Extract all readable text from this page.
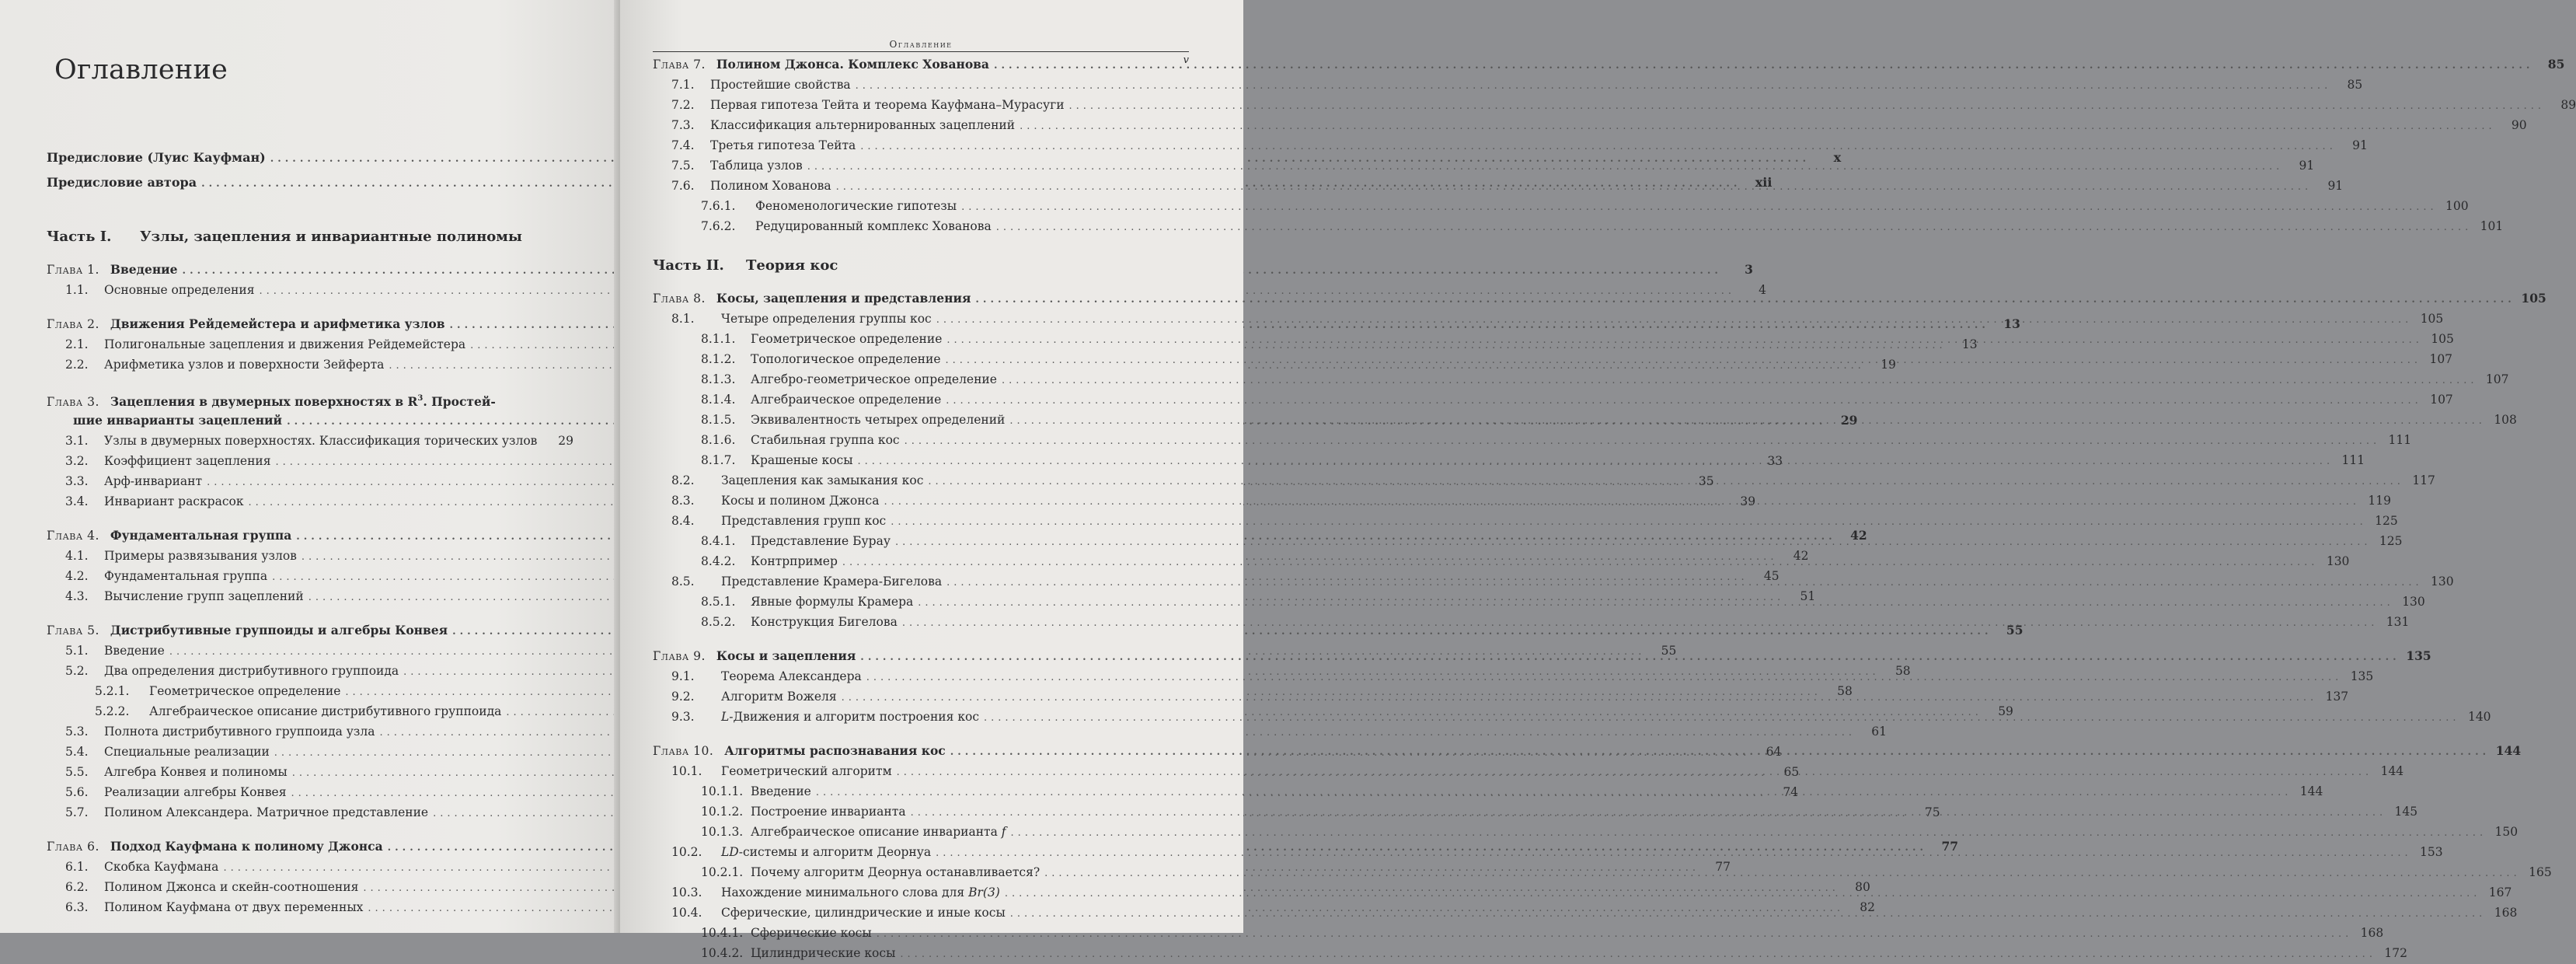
Оглавление
Предисловие (Луис Кауфман) .....	x
Предисловие автора .....	xii
Часть I.	Узлы, зацепления и инвариантные полиномы
Глава 1. Введение .....	3
1.1.	Основные определения .....	4
Глава 2. Движения Рейдемейстера и арифметика узлов .....	13
2.1.	Полигональные зацепления и движения Рейдемейстера .....	13
2.2.	Арифметика узлов и поверхности Зейферта .....	19
Глава 3. Зацепления в двумерных поверхностях в $R^3$. Простей-
шие инварианты зацеплений .....	29
3.1.	Узлы в двумерных поверхностях. Классификация торических узлов .....	29
3.2.	Коэффициент зацепления .....	33
3.3.	Арф-инвариант .....	35
3.4.	Инвариант раскрасок .....	39
Глава 4. Фундаментальная группа .....	42
4.1.	Примеры развязывания узлов .....	42
4.2.	Фундаментальная группа .....	45
4.3.	Вычисление групп зацеплений .....	51
Глава 5. Дистрибутивные группоиды и алгебры Конвея .....	55
5.1.	Введение .....	55
5.2.	Два определения дистрибутивного группоида .....	58
5.2.1.	Геометрическое определение .....	58
5.2.2.	Алгебраическое описание дистрибутивного группоида .....	59
5.3.	Полнота дистрибутивного группоида узла .....	61
5.4.	Специальные реализации .....	64
5.5.	Алгебра Конвея и полиномы .....	65
5.6.	Реализации алгебры Конвея .....	74
5.7.	Полином Александера. Матричное представление .....	75
Глава 6. Подход Кауфмана к полиному Джонса .....	77
6.1.	Скобка Кауфмана .....	77
6.2.	Полином Джонса и скейн-соотношения .....	80
6.3.	Полином Кауфмана от двух переменных .....	82
Оглавление
v
Глава 7. Полином Джонса. Комплекс Хованова .....	85
7.1.	Простейшие свойства .....	85
7.2.	Первая гипотеза Тейта и теорема Кауфмана–Мурасуги .....	89
7.3.	Классификация альтернированных зацеплений .....	90
7.4.	Третья гипотеза Тейта .....	91
7.5.	Таблица узлов .....	91
7.6.	Полином Хованова .....	91
7.6.1.	Феноменологические гипотезы .....	100
7.6.2.	Редуцированный комплекс Хованова .....	101
Часть II.	Теория кос
Глава 8. Косы, зацепления и представления .....	105
8.1.	Четыре определения группы кос .....	105
8.1.1.	Геометрическое определение .....	105
8.1.2.	Топологическое определение .....	107
8.1.3.	Алгебро-геометрическое определение .....	107
8.1.4.	Алгебраическое определение .....	107
8.1.5.	Эквивалентность четырех определений .....	108
8.1.6.	Стабильная группа кос .....	111
8.1.7.	Крашеные косы .....	111
8.2.	Зацепления как замыкания кос .....	117
8.3.	Косы и полином Джонса .....	119
8.4.	Представления групп кос .....	125
8.4.1.	Представление Бурау .....	125
8.4.2.	Контрпример .....	130
8.5.	Представление Крамера-Бигелова .....	130
8.5.1.	Явные формулы Крамера .....	130
8.5.2.	Конструкция Бигелова .....	131
Глава 9. Косы и зацепления .....	135
9.1.	Теорема Александера .....	135
9.2.	Алгоритм Вожеля .....	137
9.3.	L-Движения и алгоритм построения кос .....	140
Глава 10. Алгоритмы распознавания кос .....	144
10.1.	Геометрический алгоритм .....	144
10.1.1. Введение .....	144
10.1.2. Построение инварианта .....	145
10.1.3. Алгебраическое описание инварианта f .....	150
10.2.	LD-системы и алгоритм Деорнуа .....	153
10.2.1. Почему алгоритм Деорнуа останавливается? .....	165
10.3.	Нахождение минимального слова для Br(3) .....	167
10.4.	Сферические, цилиндрические и иные косы .....	168
10.4.1. Сферические косы .....	168
10.4.2. Цилиндрические косы .....	172
